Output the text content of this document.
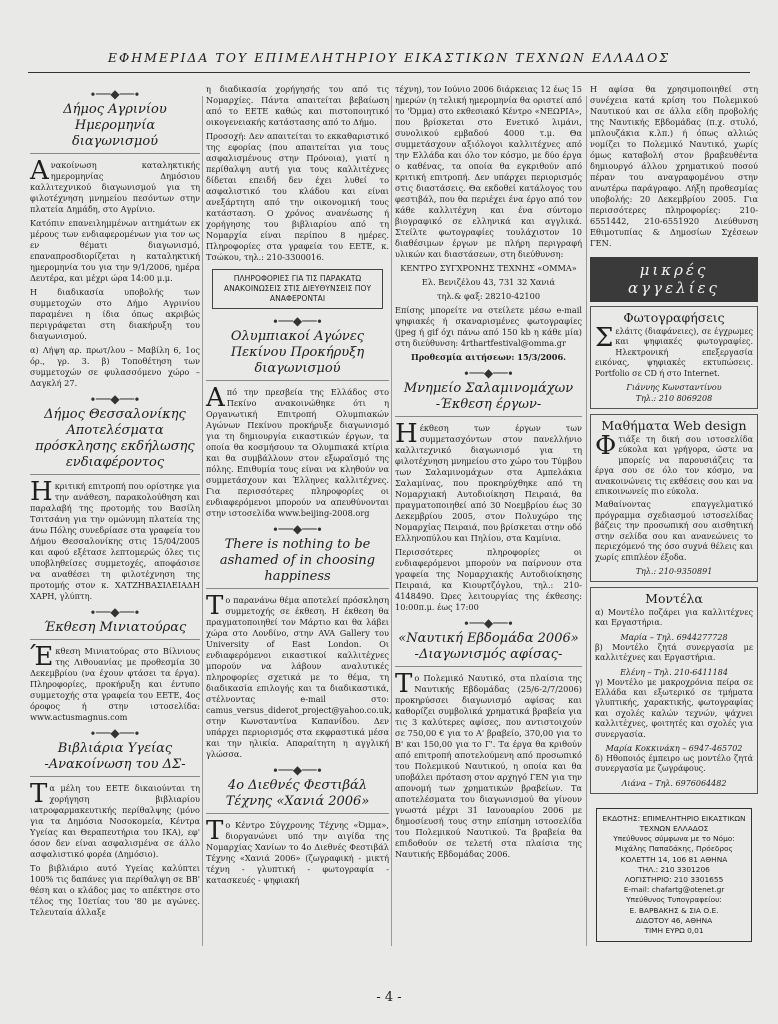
ΕΦΗΜΕΡΙΔΑ ΤΟΥ ΕΠΙΜΕΛΗΤΗΡΙΟΥ ΕΙΚΑΣΤΙΚΩΝ ΤΕΧΝΩΝ ΕΛΛΑΔΟΣ
∙──◆──∙
Δήμος Αγρινίου Ημερομηνία διαγωνισμού

Ανακοίνωση καταληκτικής ημερομηνίας Δημόσιου καλλιτεχνικού διαγωνισμού για τη φιλοτέχνηση μνημείου πεσόντων στην πλατεία Δημάδη, στο Αγρίνιο.

Κατόπιν επανειλημμένων αιτημάτων εκ μέρους των ενδιαφερομένων για τον ως εν θέματι διαγωνισμό, επαναπροσδιορίζεται η καταληκτική ημερομηνία του για την 9/1/2006, ημέρα Δευτέρα, και μέχρι ώρα 14:00 μ.μ.

Η διαδικασία υποβολής των συμμετοχών στο Δήμο Αγρινίου παραμένει η ίδια όπως ακριβώς περιγράφεται στη διακήρυξη του διαγωνισμού.

α) Λήψη αρ. πρωτ/λου – Μαβίλη 6, 1ος όρ., γρ. 3. β) Τοποθέτηση των συμμετοχών σε φυλασσόμενο χώρο – Δαγκλή 27.

∙──◆──∙
Δήμος Θεσσαλονίκης Αποτελέσματα πρόσκλησης εκδήλωσης ενδιαφέροντος

Ηκριτική επιτροπή που ορίστηκε για την ανάθεση, παρακολούθηση και παραλαβή της προτομής του Βασίλη Τσιτσάνη για την ομώνυμη πλατεία της άνω Πόλης συνεδρίασε στα γραφεία του Δήμου Θεσσαλονίκης στις 15/04/2005 και αφού εξέτασε λεπτομερώς όλες τις υποβληθείσες συμμετοχές, αποφάσισε να αναθέσει τη φιλοτέχνηση της προτομής στον κ. ΧΑΤΖΗΒΑΣΙΛΕΙΑΔΗ ΧΑΡΗ, γλύπτη.

∙──◆──∙
Έκθεση Μινιατούρας

Έκθεση Μινιατούρας στο Βίλνιους της Λιθουανίας με προθεσμία 30 Δεκεμβρίου (να έχουν φτάσει τα έργα). Πληροφορίες, προκήρυξη και έντυπο συμμετοχής στα γραφεία του ΕΕΤΕ, 4ος όροφος ή στην ιστοσελίδα: www.actusmagnus.com

∙──◆──∙
Βιβλιάρια Υγείας -Ανακοίνωση του ΔΣ-

Τα μέλη του ΕΕΤΕ δικαιούνται τη χορήγηση βιβλιαρίου ιατροφαρμακευτικής περίθαλψης (μόνο για τα Δημόσια Νοσοκομεία, Κέντρα Υγείας και Θεραπευτήρια του ΙΚΑ), εφ' όσον δεν είναι ασφαλισμένα σε άλλο ασφαλιστικό φορέα (Δημόσιο).

Το βιβλιάριο αυτό Υγείας καλύπτει 100% τις δαπάνες για περίθαλψη σε ΒΒ' θέση και ο κλάδος μας το απέκτησε στο τέλος της 10ετίας του '80 με αγώνες. Τελευταία άλλαξε

η διαδικασία χορήγησής του από τις Νομαρχίες. Πάντα απαιτείται βεβαίωση από το ΕΕΤΕ καθώς και πιστοποιητικό οικογενειακής κατάστασης από το Δήμο.

Προσοχή: Δεν απαιτείται το εκκαθαριστικό της εφορίας (που απαιτείται για τους ασφαλισμένους στην Πρόνοια), γιατί η περίθαλψη αυτή για τους καλλιτέχνες δίδεται επειδή δεν έχει λυθεί το ασφαλιστικό του κλάδου και είναι ανεξάρτητη από την οικονομική τους κατάσταση. Ο χρόνος ανανέωσης ή χορήγησης του βιβλιαρίου από τη Νομαρχία είναι περίπου 8 ημέρες. Πληροφορίες στα γραφεία του ΕΕΤΕ, κ. Τσώκου, τηλ.: 210-3300016.

ΠΛΗΡΟΦΟΡΙΕΣ ΓΙΑ ΤΙΣ ΠΑΡΑΚΑΤΩ ΑΝΑΚΟΙΝΩΣΕΙΣ ΣΤΙΣ ΔΙΕΥΘΥΝΣΕΙΣ ΠΟΥ ΑΝΑΦΕΡΟΝΤΑΙ
∙──◆──∙
Ολυμπιακοί Αγώνες Πεκίνου Προκήρυξη διαγωνισμού

Από την πρεσβεία της Ελλάδος στο Πεκίνο ανακοινώθηκε ότι η Οργανωτική Επιτροπή Ολυμπιακών Αγώνων Πεκίνου προκήρυξε διαγωνισμό για τη δημιουργία εικαστικών έργων, τα οποία θα κοσμήσουν τα Ολυμπιακά κτίρια και θα συμβάλλουν στον εξωραϊσμό της πόλης. Επιθυμία τους είναι να κληθούν να συμμετάσχουν και Έλληνες καλλιτέχνες. Για περισσότερες πληροφορίες οι ενδιαφερόμενοι μπορούν να απευθύνονται στην ιστοσελίδα www.beijing-2008.org

∙──◆──∙
There is nothing to be ashamed of in choosing happiness

Το παρανάνω θέμα αποτελεί πρόσκληση συμμετοχής σε έκθεση. Η έκθεση θα πραγματοποιηθεί τον Μάρτιο και θα λάβει χώρα στο Λονδίνο, στην AVA Gallery του University of East London. Οι ενδιαφερόμενοι εικαστικοί καλλιτέχνες μπορούν να λάβουν αναλυτικές πληροφορίες σχετικά με το θέμα, τη διαδικασία επιλογής και τα διαδικαστικά, στέλνοντας e-mail στο: camus_versus_diderot_project@yahoo.co.uk, στην Κωνσταντίνα Καπανίδου. Δεν υπάρχει περιορισμός στα εκφραστικά μέσα και την ηλικία. Απαραίτητη η αγγλική γλώσσα.

∙──◆──∙
4ο Διεθνές Φεστιβάλ Τέχνης «Χανιά 2006»

Το Κέντρο Σύγχρονης Τέχνης «Όμμα», διοργανώνει υπό την αιγίδα της Νομαρχίας Χανίων το 4ο Διεθνές Φεστιβάλ Τέχνης «Χανιά 2006» (ζωγραφική - μικτή τέχνη - γλυπτική - φωτογραφία - κατασκευές - ψηφιακή

τέχνη), τον Ιούνιο 2006 διάρκειας 12 έως 15 ημερών (η τελική ημερομηνία θα οριστεί από το 'Όμμα) στο εκθεσιακό Κέντρο «ΝΕΩΡΙΑ», που βρίσκεται στο Ενετικό λιμάνι, συνολικού εμβαδού 4000 τ.μ. Θα συμμετάσχουν αξιόλογοι καλλιτέχνες από την Ελλάδα και όλο τον κόσμο, με δύο έργα ο καθένας, τα οποία θα εγκριθούν από κριτική επιτροπή. Δεν υπάρχει περιορισμός στις διαστάσεις. Θα εκδοθεί κατάλογος του φεστιβάλ, που θα περιέχει ένα έργο από τον κάθε καλλιτέχνη και ένα σύντομο βιογραφικό σε ελληνικά και αγγλικά. Στείλτε φωτογραφίες τουλάχιστον 10 διαθέσιμων έργων με πλήρη περιγραφή υλικών και διαστάσεων, στη διεύθυνση:

ΚΕΝΤΡΟ ΣΥΓΧΡΟΝΗΣ ΤΕΧΝΗΣ «ΟΜΜΑ»

Ελ. Βενιζέλου 43, 731 32 Χανιά

τηλ.& φαξ: 28210-42100

Επίσης μπορείτε να στείλετε μέσω e-mail ψηφιακές ή σκαναρισμένες φωτογραφίες (jpeg ή gif όχι πάνω από 150 kb η κάθε μία) στη διεύθυνση: 4rthartfestival@omma.gr

Προθεσμία αιτήσεων: 15/3/2006.

∙──◆──∙
Μνημείο Σαλαμινομάχων -Έκθεση έργων-

Ηέκθεση των έργων των συμμετασχόντων στον πανελλήνιο καλλιτεχνικό διαγωνισμό για τη φιλοτέχνηση μνημείου στο χώρο του Τύμβου των Σαλαμινομάχων στα Αμπελάκια Σαλαμίνας, που προκηρύχθηκε από τη Νομαρχιακή Αυτοδιοίκηση Πειραιά, θα πραγματοποιηθεί από 30 Νοεμβρίου έως 30 Δεκεμβρίου 2005, στον Πολυχώρο της Νομαρχίας Πειραιά, που βρίσκεται στην οδό Ελληνοπύλου και Πηλίου, στα Καμίνια.

Περισσότερες πληροφορίες οι ενδιαφερόμενοι μπορούν να παίρνουν στα γραφεία της Νομαρχιακής Αυτοδιοίκησης Πειραιά, κα Κιουρτζόγλου, τηλ.: 210-4148490. Ώρες λειτουργίας της έκθεσης: 10:00π.μ. έως 17:00

∙──◆──∙
«Ναυτική Εβδομάδα 2006» -Διαγωνισμός αφίσας-

Το Πολεμικό Ναυτικό, στα πλαίσια της Ναυτικής Εβδομάδας (25/6-2/7/2006) προκηρύσσει διαγωνισμό αφίσας και καθορίζει συμβολικά χρηματικά βραβεία για τις 3 καλύτερες αφίσες, που αντιστοιχούν σε 750,00 € για το Α' βραβείο, 370,00 για το Β' και 150,00 για το Γ'. Τα έργα θα κριθούν από επιτροπή αποτελούμενη από προσωπικό του Πολεμικού Ναυτικού, η οποία και θα υποβάλει πρόταση στον αρχηγό ΓΕΝ για την απονομή των χρηματικών βραβείων. Τα αποτελέσματα του διαγωνισμού θα γίνουν γνωστά μέχρι 31 Ιανουαρίου 2006 με δημοσίευσή τους στην επίσημη ιστοσελίδα του Πολεμικού Ναυτικού. Τα βραβεία θα επιδοθούν σε τελετή στα πλαίσια της Ναυτικής Εβδομάδας 2006.

Η αφίσα θα χρησιμοποιηθεί στη συνέχεια κατά κρίση του Πολεμικού Ναυτικού και σε άλλα είδη προβολής της Ναυτικής Εβδομάδας (π.χ. στυλό, μπλουζάκια κ.λπ.) ή όπως αλλιώς νομίζει το Πολεμικό Ναυτικό, χωρίς όμως καταβολή στον βραβευθέντα δημιουργό άλλου χρηματικού ποσού πέραν του αναγραφομένου στην ανωτέρω παράγραφο. Λήξη προθεσμίας υποβολής: 20 Δεκεμβρίου 2005. Για περισσότερες πληροφορίες: 210-6551442, 210-6551920 Διεύθυνση Εθιμοτυπίας & Δημοσίων Σχέσεων ΓΕΝ.

μικρές αγγελίες
Φωτογραφήσεις

Σελάιτς (διαφάνειες), σε έγχρωμες και ψηφιακές φωτογραφίες. Ηλεκτρονική επεξεργασία εικόνας, ψηφιακές εκτυπώσεις. Portfolio σε CD ή στο Internet.

Γιάννης Κωνσταντίνου
Τηλ.: 210 8069208
Μαθήματα Web design

Φτιάξε τη δική σου ιστοσελίδα εύκολα και γρήγορα, ώστε να μπορείς να παρουσιάζεις τα έργα σου σε όλο τον κόσμο, να ανακοινώνεις τις εκθέσεις σου και να επικοινωνείς πιο εύκολα.

Μαθαίνοντας επαγγελματικό πρόγραμμα σχεδιασμού ιστοσελίδας βάζεις την προσωπική σου αισθητική στην σελίδα σου και ανανεώνεις το περιεχόμενό της όσο συχνά θέλεις και χωρίς επιπλέον έξοδα.

Τηλ.: 210-9350891
Μοντέλα

α) Μοντέλο ποζάρει για καλλιτέχνες και Εργαστήρια.

Μαρία – Τηλ. 6944277728

β) Μοντέλο ζητά συνεργασία με καλλιτέχνες και Εργαστήρια.

Ελένη – Τηλ. 210-6411184

γ) Μοντέλο με μακροχρόνια πείρα σε Ελλάδα και εξωτερικό σε τμήματα γλυπτικής, χαρακτικής, φωτογραφίας και σχολές καλών τεχνών, ψάχνει καλλιτέχνες, φοιτητές και σχολές για συνεργασία.

Μαρία Κοκκινάκη – 6947-465702

δ) Ηθοποιός έμπειρο ως μοντέλο ζητά συνεργασία με ζωγράφους.

Λιάνα – Τηλ. 6976064482
ΕΚΔΟΤΗΣ: ΕΠΙΜΕΛΗΤΗΡΙΟ ΕΙΚΑΣΤΙΚΩΝ ΤΕΧΝΩΝ ΕΛΛΑΔΟΣ
Υπεύθυνος σύμφωνα με το Νόμο:
Μιχάλης Παπαδάκης, Πρόεδρος
ΚΟΛΕΤΤΗ 14, 106 81 ΑΘΗΝΑ
ΤΗΛ.: 210 3301206
ΛΟΓΙΣΤΗΡΙΟ: 210 3301655
E-mail: chafartg@otenet.gr
Υπεύθυνος Τυπογραφείου:
Ε. ΒΑΡΒΑΚΗΣ & ΣΙΑ Ο.Ε.
ΔΙΔΟΤΟΥ 46, ΑΘΗΝΑ
ΤΙΜΗ ΕΥΡΩ 0,01
- 4 -
